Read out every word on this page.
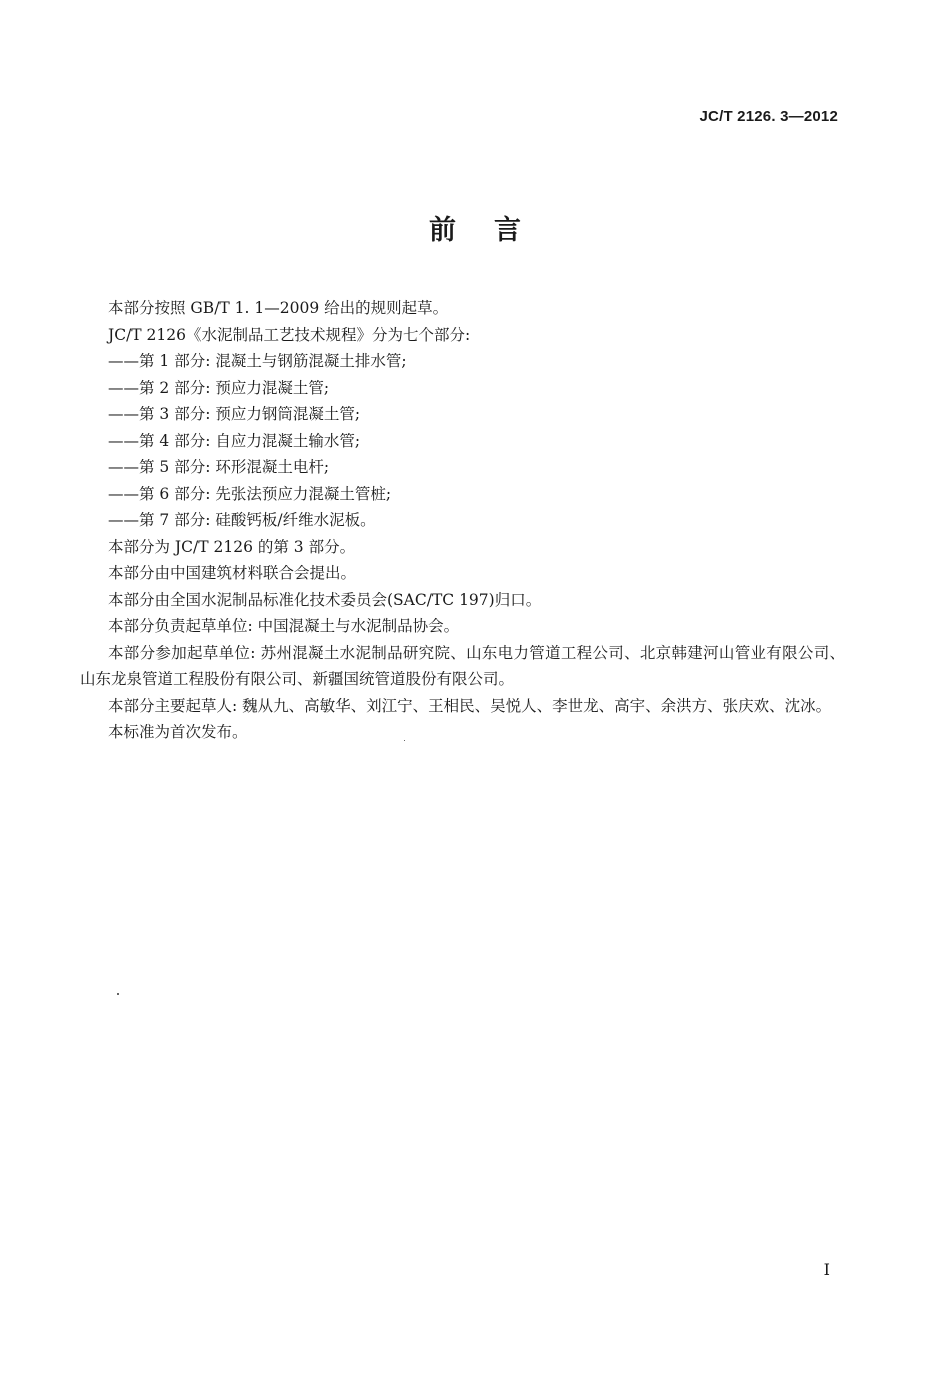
JC/T 2126. 3—2012
前言

本部分按照 GB/T 1. 1—2009 给出的规则起草。

JC/T 2126《水泥制品工艺技术规程》分为七个部分:

——第 1 部分: 混凝土与钢筋混凝土排水管;

——第 2 部分: 预应力混凝土管;

——第 3 部分: 预应力钢筒混凝土管;

——第 4 部分: 自应力混凝土输水管;

——第 5 部分: 环形混凝土电杆;

——第 6 部分: 先张法预应力混凝土管桩;

——第 7 部分: 硅酸钙板/纤维水泥板。

本部分为 JC/T 2126 的第 3 部分。

本部分由中国建筑材料联合会提出。

本部分由全国水泥制品标准化技术委员会(SAC/TC 197)归口。

本部分负责起草单位: 中国混凝土与水泥制品协会。

本部分参加起草单位: 苏州混凝土水泥制品研究院、山东电力管道工程公司、北京韩建河山管业有限公司、山东龙泉管道工程股份有限公司、新疆国统管道股份有限公司。

本部分主要起草人: 魏从九、高敏华、刘江宁、王相民、吴悦人、李世龙、高宇、余洪方、张庆欢、沈冰。

本标准为首次发布。

I
